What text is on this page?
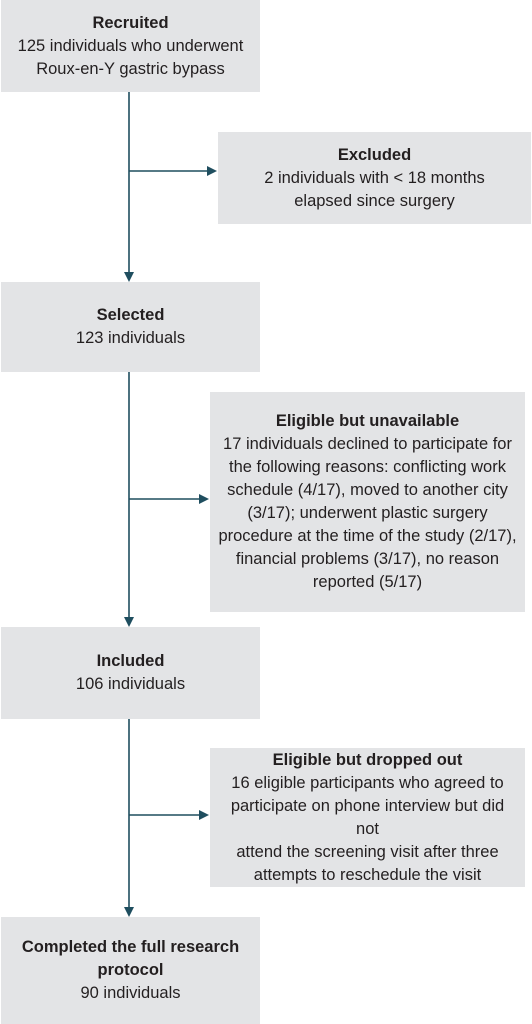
Recruited
125 individuals who underwent
Roux-en-Y gastric bypass
Excluded
2 individuals with < 18 months
elapsed since surgery
Selected
123 individuals
Eligible but unavailable
17 individuals declined to participate for
the following reasons: conflicting work
schedule (4/17), moved to another city
(3/17); underwent plastic surgery
procedure at the time of the study (2/17),
financial problems (3/17), no reason
reported (5/17)
Included
106 individuals
Eligible but dropped out
16 eligible participants who agreed to
participate on phone interview but did not
attend the screening visit after three
attempts to reschedule the visit
Completed the full research
protocol
90 individuals
